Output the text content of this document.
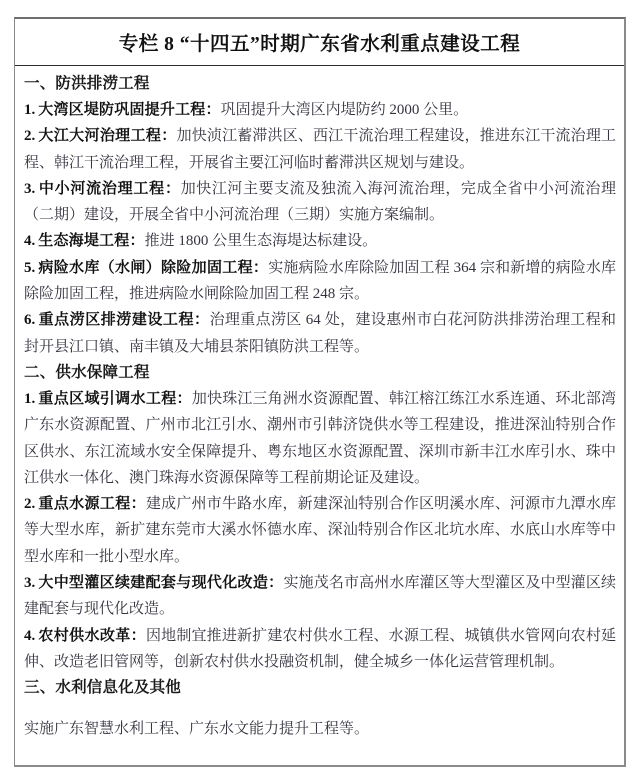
专栏 8 “十四五”时期广东省水利重点建设工程
一、防洪排涝工程

1. 大湾区堤防巩固提升工程：巩固提升大湾区内堤防约 2000 公里。

2. 大江大河治理工程：加快浈江蓄滞洪区、西江干流治理工程建设，推进东江干流治理工程、韩江干流治理工程，开展省主要江河临时蓄滞洪区规划与建设。

3. 中小河流治理工程：加快江河主要支流及独流入海河流治理，完成全省中小河流治理（二期）建设，开展全省中小河流治理（三期）实施方案编制。

4. 生态海堤工程：推进 1800 公里生态海堤达标建设。

5. 病险水库（水闸）除险加固工程：实施病险水库除险加固工程 364 宗和新增的病险水库除险加固工程，推进病险水闸除险加固工程 248 宗。

6. 重点涝区排涝建设工程：治理重点涝区 64 处，建设惠州市白花河防洪排涝治理工程和封开县江口镇、南丰镇及大埔县茶阳镇防洪工程等。

二、供水保障工程

1. 重点区域引调水工程：加快珠江三角洲水资源配置、韩江榕江练江水系连通、环北部湾广东水资源配置、广州市北江引水、潮州市引韩济饶供水等工程建设，推进深汕特别合作区供水、东江流域水安全保障提升、粤东地区水资源配置、深圳市新丰江水库引水、珠中江供水一体化、澳门珠海水资源保障等工程前期论证及建设。

2. 重点水源工程：建成广州市牛路水库，新建深汕特别合作区明溪水库、河源市九潭水库等大型水库，新扩建东莞市大溪水怀德水库、深汕特别合作区北坑水库、水底山水库等中型水库和一批小型水库。

3. 大中型灌区续建配套与现代化改造：实施茂名市高州水库灌区等大型灌区及中型灌区续建配套与现代化改造。

4. 农村供水改革：因地制宜推进新扩建农村供水工程、水源工程、城镇供水管网向农村延伸、改造老旧管网等，创新农村供水投融资机制，健全城乡一体化运营管理机制。

三、水利信息化及其他

实施广东智慧水利工程、广东水文能力提升工程等。
